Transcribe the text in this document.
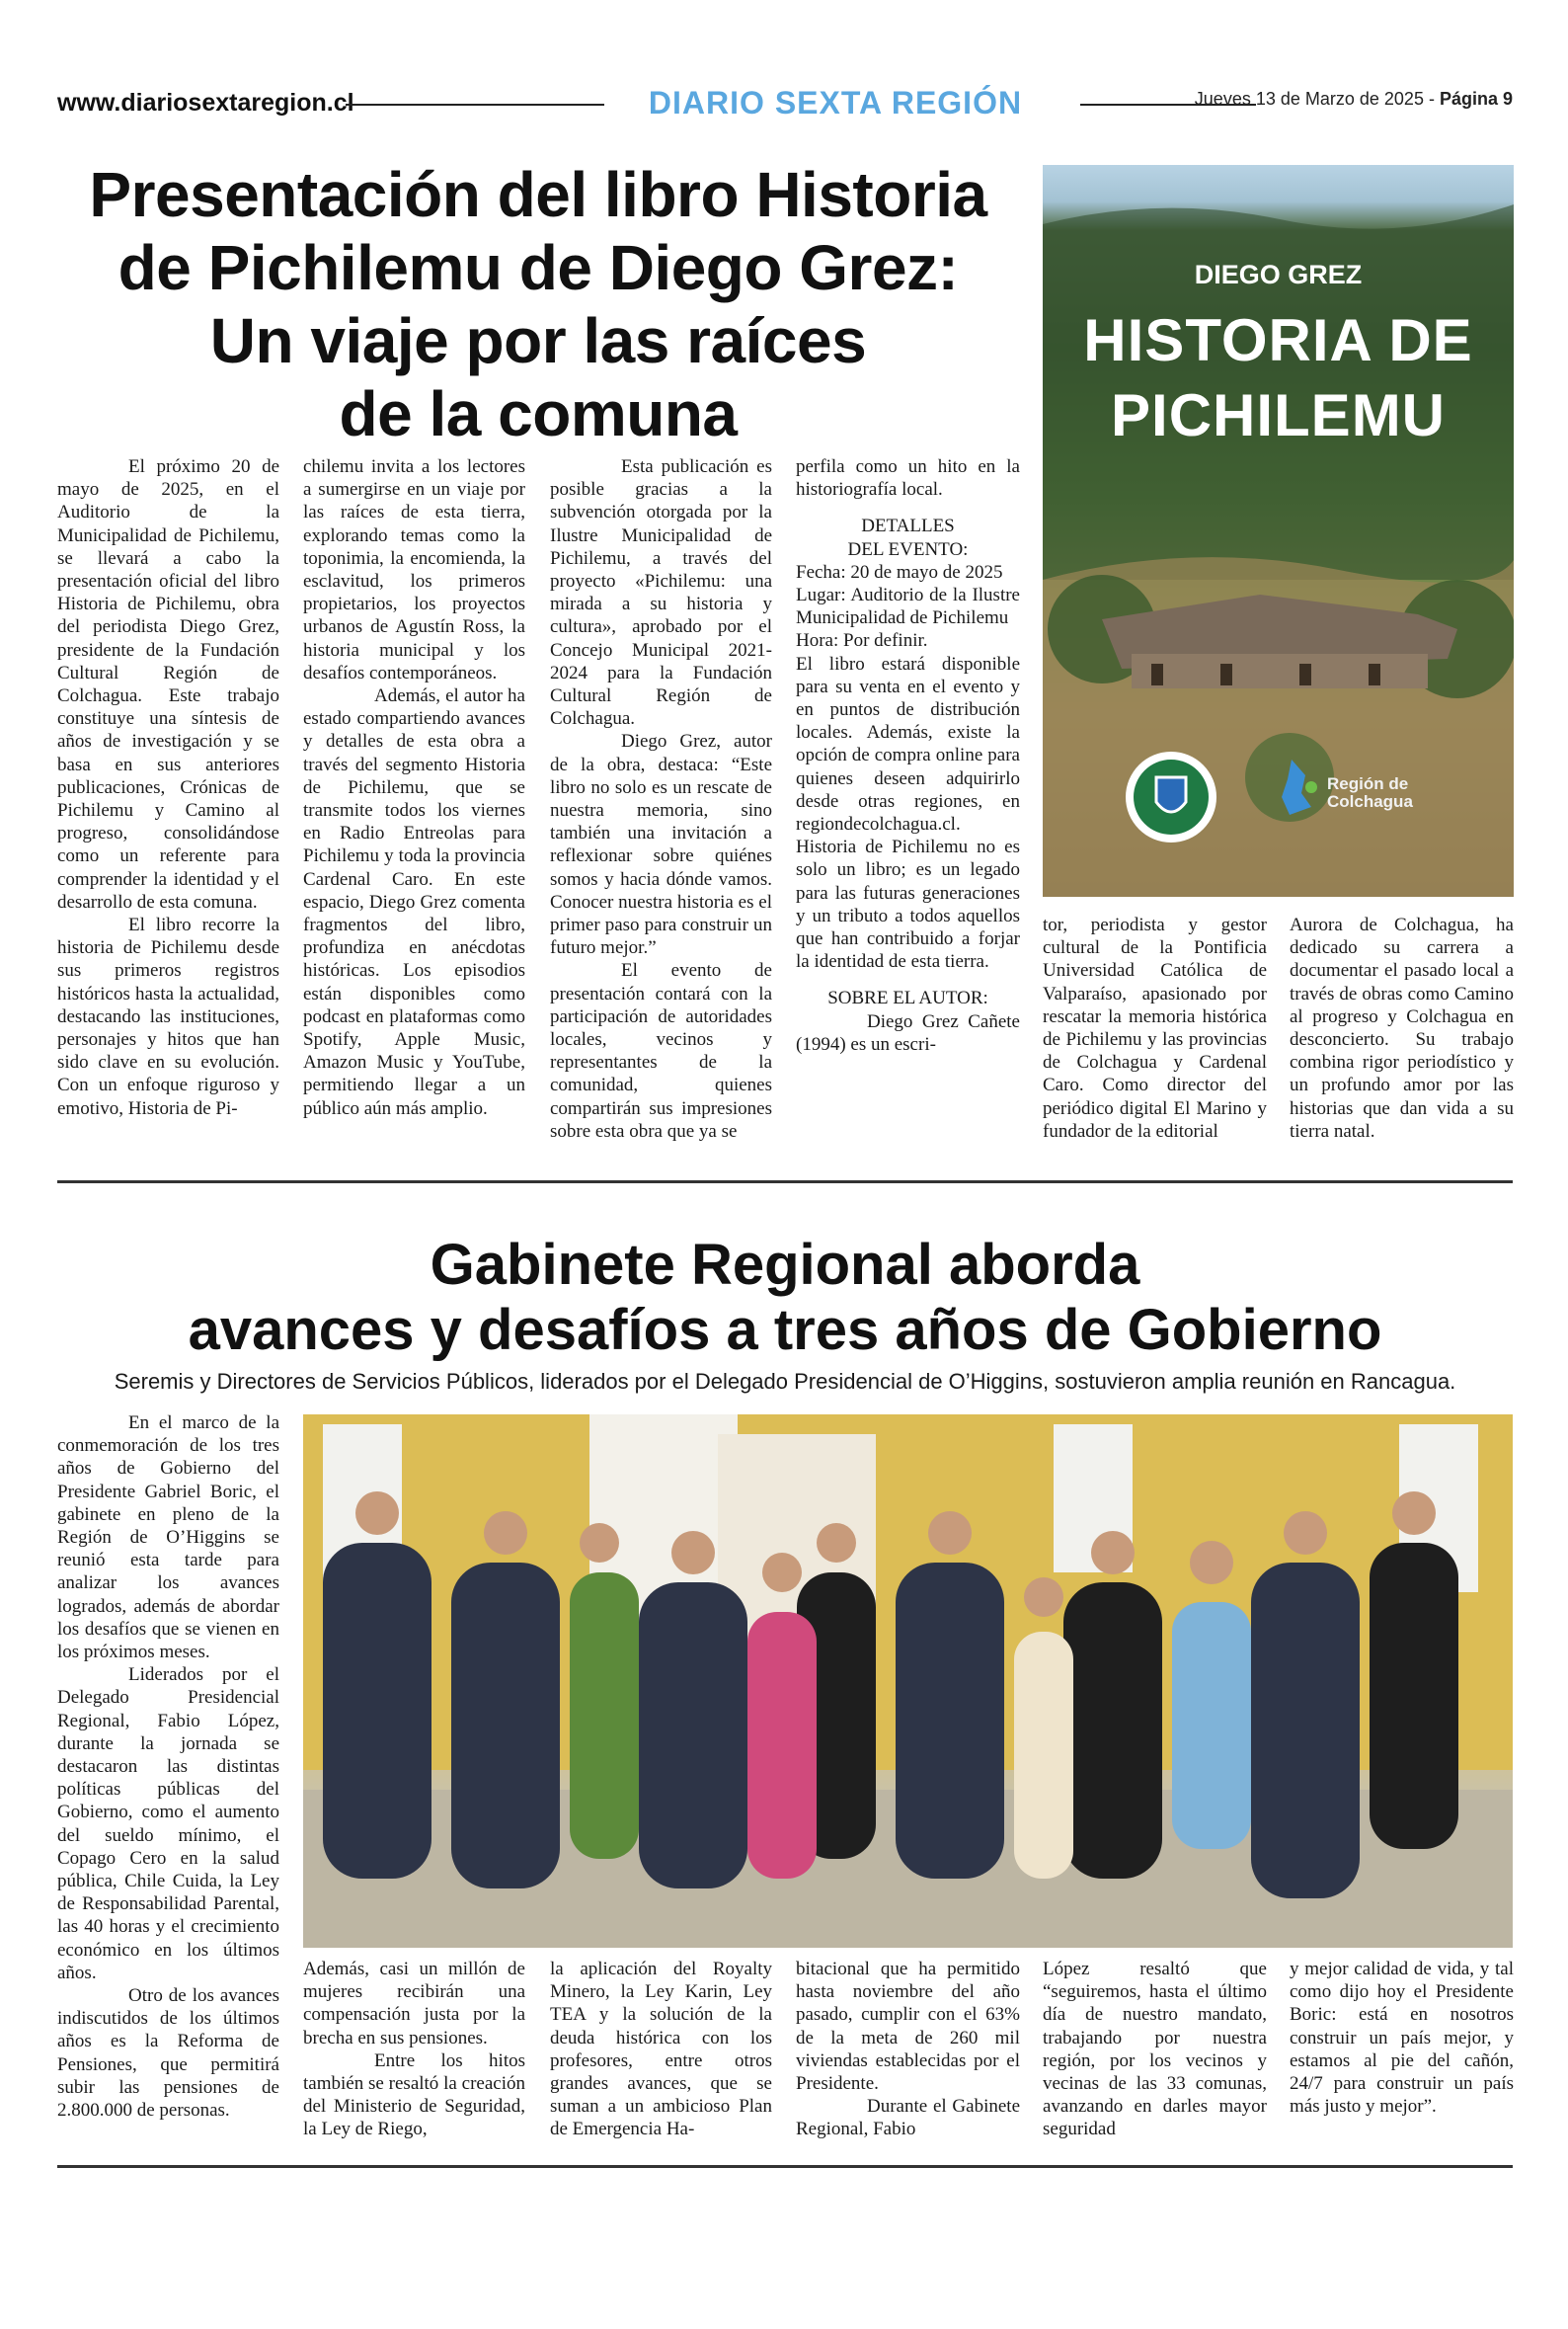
www.diariosextaregion.cl	DIARIO SEXTA REGIÓN	Jueves 13 de Marzo de 2025 - Página 9
Presentación del libro Historia
de Pichilemu de Diego Grez:
Un viaje por las raíces
de la comuna

El próximo 20 de mayo de 2025, en el Auditorio de la Municipalidad de Pichilemu, se llevará a cabo la presentación oficial del libro Historia de Pichilemu, obra del periodista Diego Grez, presidente de la Fundación Cultural Región de Colchagua. Este trabajo constituye una síntesis de años de investigación y se basa en sus anteriores publicaciones, Crónicas de Pichilemu y Camino al progreso, consolidándose como un referente para comprender la identidad y el desarrollo de esta comuna.

El libro recorre la historia de Pichilemu desde sus primeros registros históricos hasta la actualidad, destacando las instituciones, personajes y hitos que han sido clave en su evolución. Con un enfoque riguroso y emotivo, Historia de Pi-

chilemu invita a los lectores a sumergirse en un viaje por las raíces de esta tierra, explorando temas como la toponimia, la encomienda, la esclavitud, los primeros propietarios, los proyectos urbanos de Agustín Ross, la historia municipal y los desafíos contemporáneos.

Además, el autor ha estado compartiendo avances y detalles de esta obra a través del segmento Historia de Pichilemu, que se transmite todos los viernes en Radio Entreolas para Pichilemu y toda la provincia Cardenal Caro. En este espacio, Diego Grez comenta fragmentos del libro, profundiza en anécdotas históricas. Los episodios están disponibles como podcast en plataformas como Spotify, Apple Music, Amazon Music y YouTube, permitiendo llegar a un público aún más amplio.

Esta publicación es posible gracias a la subvención otorgada por la Ilustre Municipalidad de Pichilemu, a través del proyecto «Pichilemu: una mirada a su historia y cultura», aprobado por el Concejo Municipal 2021-2024 para la Fundación Cultural Región de Colchagua.

Diego Grez, autor de la obra, destaca: “Este libro no solo es un rescate de nuestra memoria, sino también una invitación a reflexionar sobre quiénes somos y hacia dónde vamos. Conocer nuestra historia es el primer paso para construir un futuro mejor.”

El evento de presentación contará con la participación de autoridades locales, vecinos y representantes de la comunidad, quienes compartirán sus impresiones sobre esta obra que ya se

perfila como un hito en la historiografía local.

DETALLES
DEL EVENTO:

Fecha: 20 de mayo de 2025

Lugar: Auditorio de la Ilustre Municipalidad de Pichilemu

Hora: Por definir.

El libro estará disponible para su venta en el evento y en puntos de distribución locales. Además, existe la opción de compra online para quienes deseen adquirirlo desde otras regiones, en regiondecolchagua.cl.

Historia de Pichilemu no es solo un libro; es un legado para las futuras generaciones y un tributo a todos aquellos que han contribuido a forjar la identidad de esta tierra.

SOBRE EL AUTOR:

Diego Grez Cañete (1994) es un escri-

tor, periodista y gestor cultural de la Pontificia Universidad Católica de Valparaíso, apasionado por rescatar la memoria histórica de Pichilemu y las provincias de Colchagua y Cardenal Caro. Como director del periódico digital El Marino y fundador de la editorial

Aurora de Colchagua, ha dedicado su carrera a documentar el pasado local a través de obras como Camino al progreso y Colchagua en desconcierto. Su trabajo combina rigor periodístico y un profundo amor por las historias que dan vida a su tierra natal.

DIEGO GREZ
HISTORIA DE
PICHILEMU
Región de
Colchagua
Gabinete Regional aborda
avances y desafíos a tres años de Gobierno
Seremis y Directores de Servicios Públicos, liderados por el Delegado Presidencial de O’Higgins, sostuvieron amplia reunión en Rancagua.

En el marco de la conmemoración de los tres años de Gobierno del Presidente Gabriel Boric, el gabinete en pleno de la Región de O’Higgins se reunió esta tarde para analizar los avances logrados, además de abordar los desafíos que se vienen en los próximos meses.

Liderados por el Delegado Presidencial Regional, Fabio López, durante la jornada se destacaron las distintas políticas públicas del Gobierno, como el aumento del sueldo mínimo, el Copago Cero en la salud pública, Chile Cuida, la Ley de Responsabilidad Parental, las 40 horas y el crecimiento económico en los últimos años.

Otro de los avances indiscutidos de los últimos años es la Reforma de Pensiones, que permitirá subir las pensiones de 2.800.000 de personas.

Además, casi un millón de mujeres recibirán una compensación justa por la brecha en sus pensiones.

Entre los hitos también se resaltó la creación del Ministerio de Seguridad, la Ley de Riego,

la aplicación del Royalty Minero, la Ley Karin, Ley TEA y la solución de la deuda histórica con los profesores, entre otros grandes avances, que se suman a un ambicioso Plan de Emergencia Ha-

bitacional que ha permitido hasta noviembre del año pasado, cumplir con el 63% de la meta de 260 mil viviendas establecidas por el Presidente.

Durante el Gabinete Regional, Fabio

López resaltó que “seguiremos, hasta el último día de nuestro mandato, trabajando por nuestra región, por los vecinos y vecinas de las 33 comunas, avanzando en darles mayor seguridad

y mejor calidad de vida, y tal como dijo hoy el Presidente Boric: está en nosotros construir un país mejor, y estamos al pie del cañón, 24/7 para construir un país más justo y mejor”.
